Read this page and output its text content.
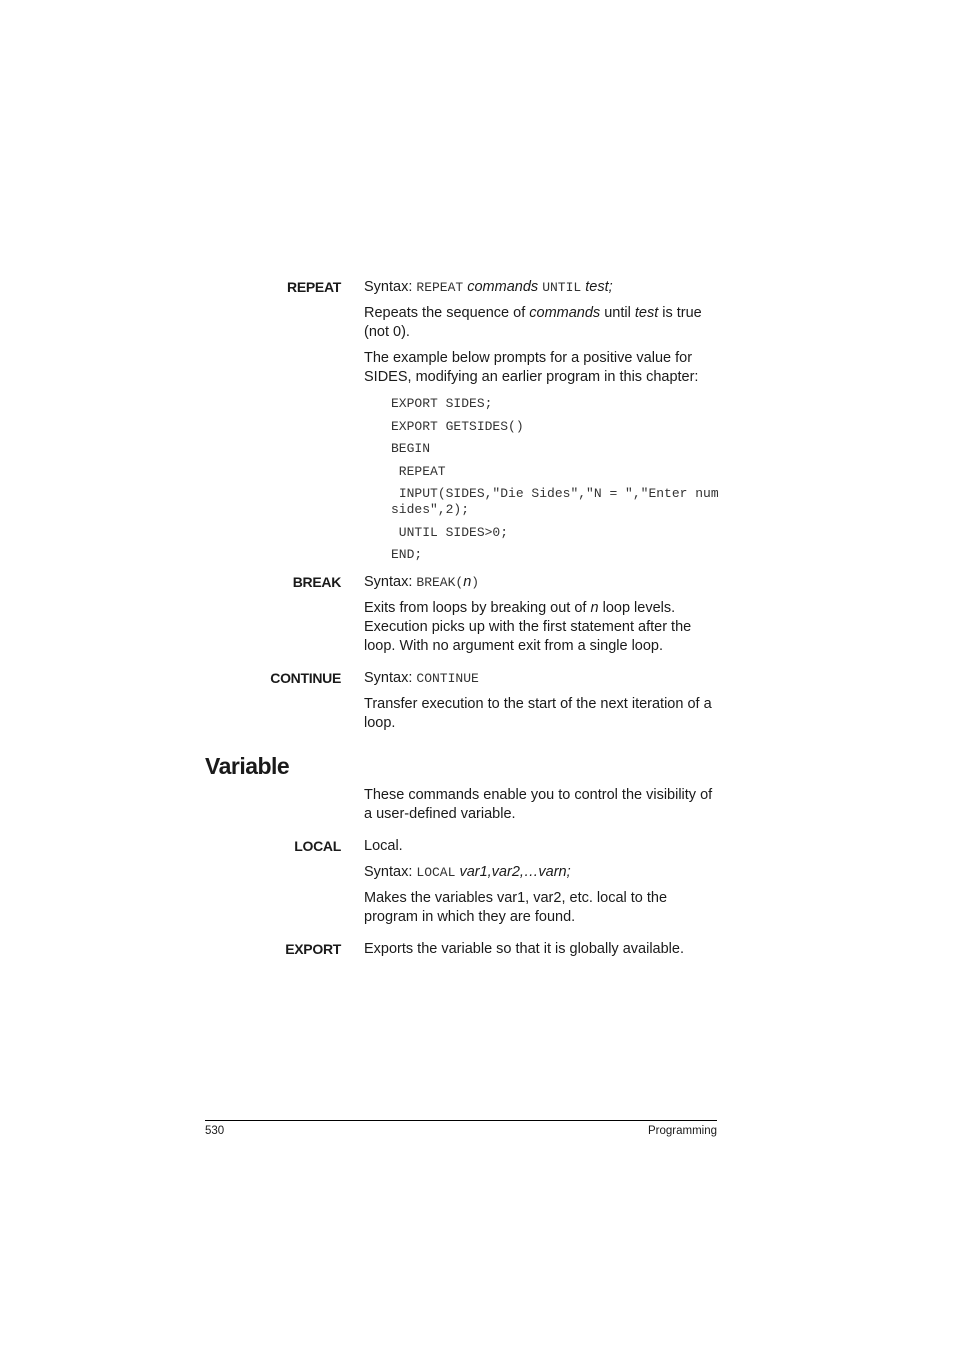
REPEAT Syntax: REPEAT commands UNTIL test;

Repeats the sequence of commands until test is true (not 0).

The example below prompts for a positive value for SIDES, modifying an earlier program in this chapter:

EXPORT SIDES;
EXPORT GETSIDES()
BEGIN
REPEAT
INPUT(SIDES,"Die Sides","N = ","Enter num sides",2);
UNTIL SIDES>0;
END;
BREAK Syntax: BREAK(n)

Exits from loops by breaking out of n loop levels. Execution picks up with the first statement after the loop. With no argument exit from a single loop.

CONTINUE Syntax: CONTINUE

Transfer execution to the start of the next iteration of a loop.

Variable

These commands enable you to control the visibility of a user-defined variable.

LOCAL Local.

Syntax: LOCAL var1,var2,…varn;

Makes the variables var1, var2, etc. local to the program in which they are found.

EXPORT Exports the variable so that it is globally available.

530	Programming
